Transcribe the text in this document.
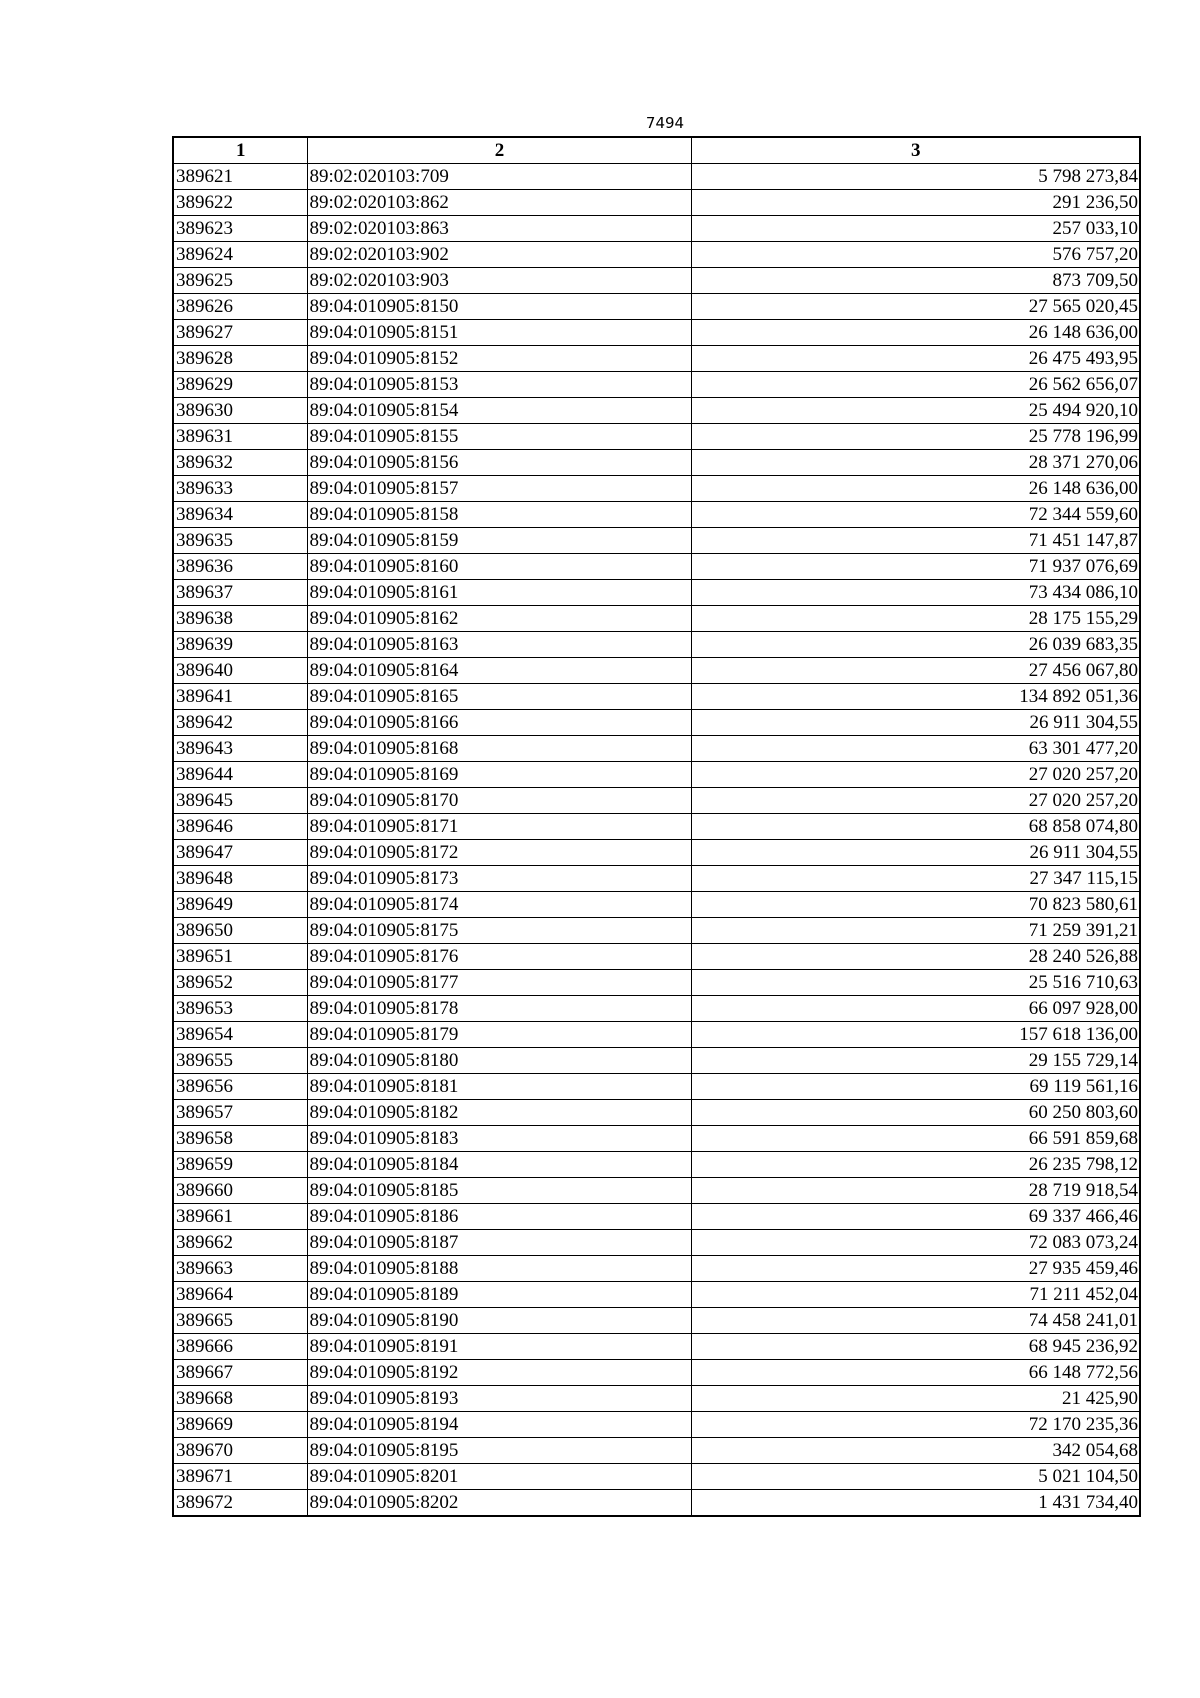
7494
1	2	3
389621	89:02:020103:709	5 798 273,84
389622	89:02:020103:862	291 236,50
389623	89:02:020103:863	257 033,10
389624	89:02:020103:902	576 757,20
389625	89:02:020103:903	873 709,50
389626	89:04:010905:8150	27 565 020,45
389627	89:04:010905:8151	26 148 636,00
389628	89:04:010905:8152	26 475 493,95
389629	89:04:010905:8153	26 562 656,07
389630	89:04:010905:8154	25 494 920,10
389631	89:04:010905:8155	25 778 196,99
389632	89:04:010905:8156	28 371 270,06
389633	89:04:010905:8157	26 148 636,00
389634	89:04:010905:8158	72 344 559,60
389635	89:04:010905:8159	71 451 147,87
389636	89:04:010905:8160	71 937 076,69
389637	89:04:010905:8161	73 434 086,10
389638	89:04:010905:8162	28 175 155,29
389639	89:04:010905:8163	26 039 683,35
389640	89:04:010905:8164	27 456 067,80
389641	89:04:010905:8165	134 892 051,36
389642	89:04:010905:8166	26 911 304,55
389643	89:04:010905:8168	63 301 477,20
389644	89:04:010905:8169	27 020 257,20
389645	89:04:010905:8170	27 020 257,20
389646	89:04:010905:8171	68 858 074,80
389647	89:04:010905:8172	26 911 304,55
389648	89:04:010905:8173	27 347 115,15
389649	89:04:010905:8174	70 823 580,61
389650	89:04:010905:8175	71 259 391,21
389651	89:04:010905:8176	28 240 526,88
389652	89:04:010905:8177	25 516 710,63
389653	89:04:010905:8178	66 097 928,00
389654	89:04:010905:8179	157 618 136,00
389655	89:04:010905:8180	29 155 729,14
389656	89:04:010905:8181	69 119 561,16
389657	89:04:010905:8182	60 250 803,60
389658	89:04:010905:8183	66 591 859,68
389659	89:04:010905:8184	26 235 798,12
389660	89:04:010905:8185	28 719 918,54
389661	89:04:010905:8186	69 337 466,46
389662	89:04:010905:8187	72 083 073,24
389663	89:04:010905:8188	27 935 459,46
389664	89:04:010905:8189	71 211 452,04
389665	89:04:010905:8190	74 458 241,01
389666	89:04:010905:8191	68 945 236,92
389667	89:04:010905:8192	66 148 772,56
389668	89:04:010905:8193	21 425,90
389669	89:04:010905:8194	72 170 235,36
389670	89:04:010905:8195	342 054,68
389671	89:04:010905:8201	5 021 104,50
389672	89:04:010905:8202	1 431 734,40
